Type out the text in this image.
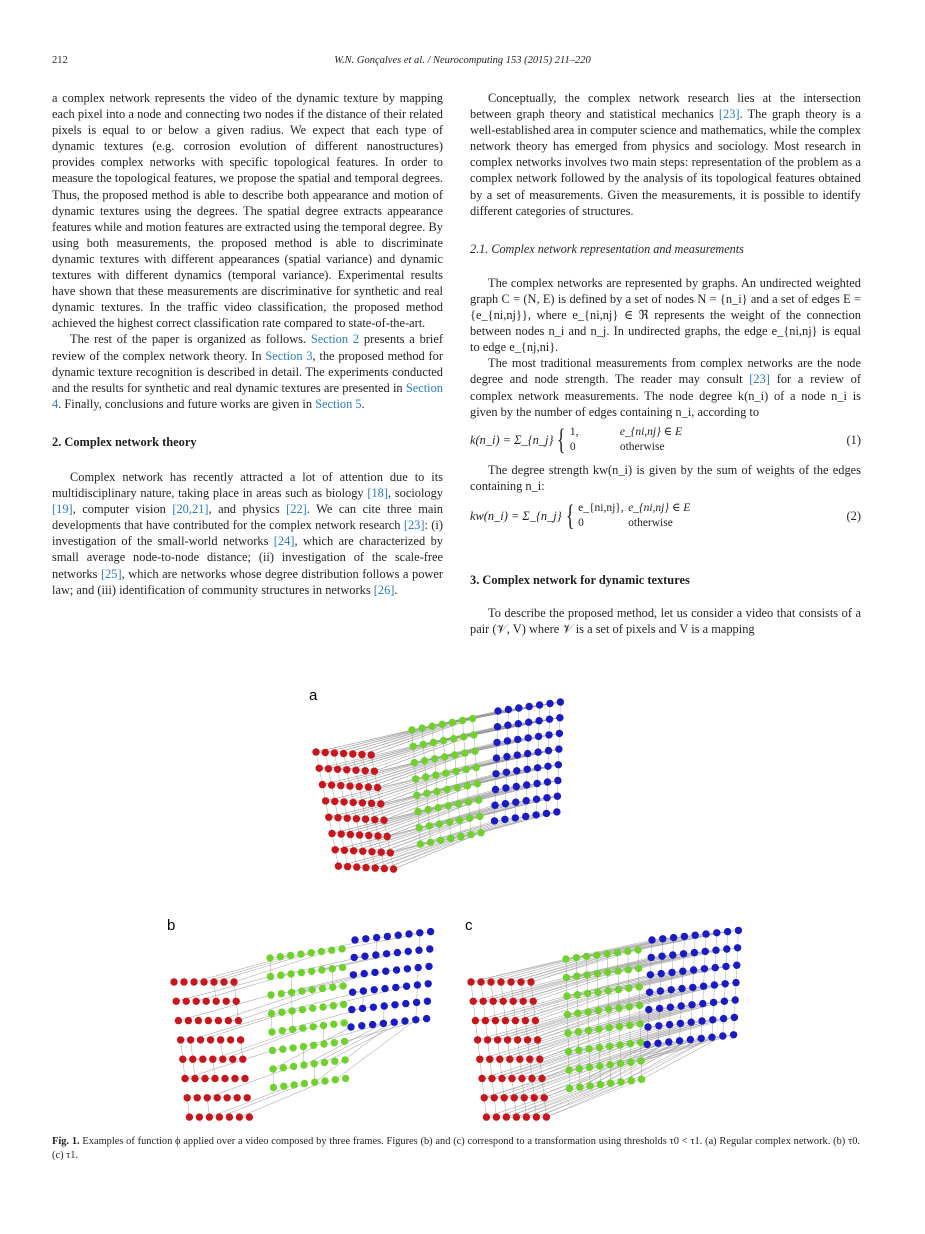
212	W.N. Gonçalves et al. / Neurocomputing 153 (2015) 211–220

a complex network represents the video of the dynamic texture by mapping each pixel into a node and connecting two nodes if the distance of their related pixels is equal to or below a given radius. We expect that each type of dynamic textures (e.g. corrosion evolution of different nanostructures) provides complex networks with specific topological features. In order to measure the topological features, we propose the spatial and temporal degrees. Thus, the proposed method is able to describe both appearance and motion of dynamic textures using the degrees. The spatial degree extracts appearance features while and motion features are extracted using the temporal degree. By using both measurements, the proposed method is able to discriminate dynamic textures with different appearances (spatial variance) and dynamic textures with different dynamics (temporal variance). Experimental results have shown that these measurements are discriminative for synthetic and real dynamic textures. In the traffic video classification, the proposed method achieved the highest correct classification rate compared to state-of-the-art.

The rest of the paper is organized as follows. Section 2 presents a brief review of the complex network theory. In Section 3, the proposed method for dynamic texture recognition is described in detail. The experiments conducted and the results for synthetic and real dynamic textures are presented in Section 4. Finally, conclusions and future works are given in Section 5.

2. Complex network theory

Complex network has recently attracted a lot of attention due to its multidisciplinary nature, taking place in areas such as biology [18], sociology [19], computer vision [20,21], and physics [22]. We can cite three main developments that have contributed for the complex network research [23]: (i) investigation of the small-world networks [24], which are characterized by small average node-to-node distance; (ii) investigation of the scale-free networks [25], which are networks whose degree distribution follows a power law; and (iii) identification of community structures in networks [26].

Conceptually, the complex network research lies at the intersection between graph theory and statistical mechanics [23]. The graph theory is a well-established area in computer science and mathematics, while the complex network theory has emerged from physics and sociology. Most research in complex networks involves two main steps: representation of the problem as a complex network followed by the analysis of its topological features obtained by a set of measurements. Given the measurements, it is possible to identify different categories of structures.

2.1. Complex network representation and measurements

The complex networks are represented by graphs. An undirected weighted graph C = (N, E) is defined by a set of nodes N = {n_i} and a set of edges E = {e_{ni,nj}}, where e_{ni,nj} ∈ ℜ represents the weight of the connection between nodes n_i and n_j. In undirected graphs, the edge e_{ni,nj} is equal to edge e_{nj,ni}.

The most traditional measurements from complex networks are the node degree and node strength. The reader may consult [23] for a review of complex network measurements. The node degree k(n_i) of a node n_i is given by the number of edges containing n_i, according to

k(n_i) = Σ_{n_j} { 1,	e_{ni,nj} ∈ E
0	otherwise
(1)

The degree strength kw(n_i) is given by the sum of weights of the edges containing n_i:

kw(n_i) = Σ_{n_j} { e_{ni,nj}, e_{ni,nj} ∈ E
0	otherwise
(2)
3. Complex network for dynamic textures

To describe the proposed method, let us consider a video that consists of a pair (𝒱, V) where 𝒱 is a set of pixels and V is a mapping

a
b	c
Fig. 1. Examples of function ϕ applied over a video composed by three frames. Figures (b) and (c) correspond to a transformation using thresholds τ0 < τ1. (a) Regular complex network. (b) τ0. (c) τ1.
